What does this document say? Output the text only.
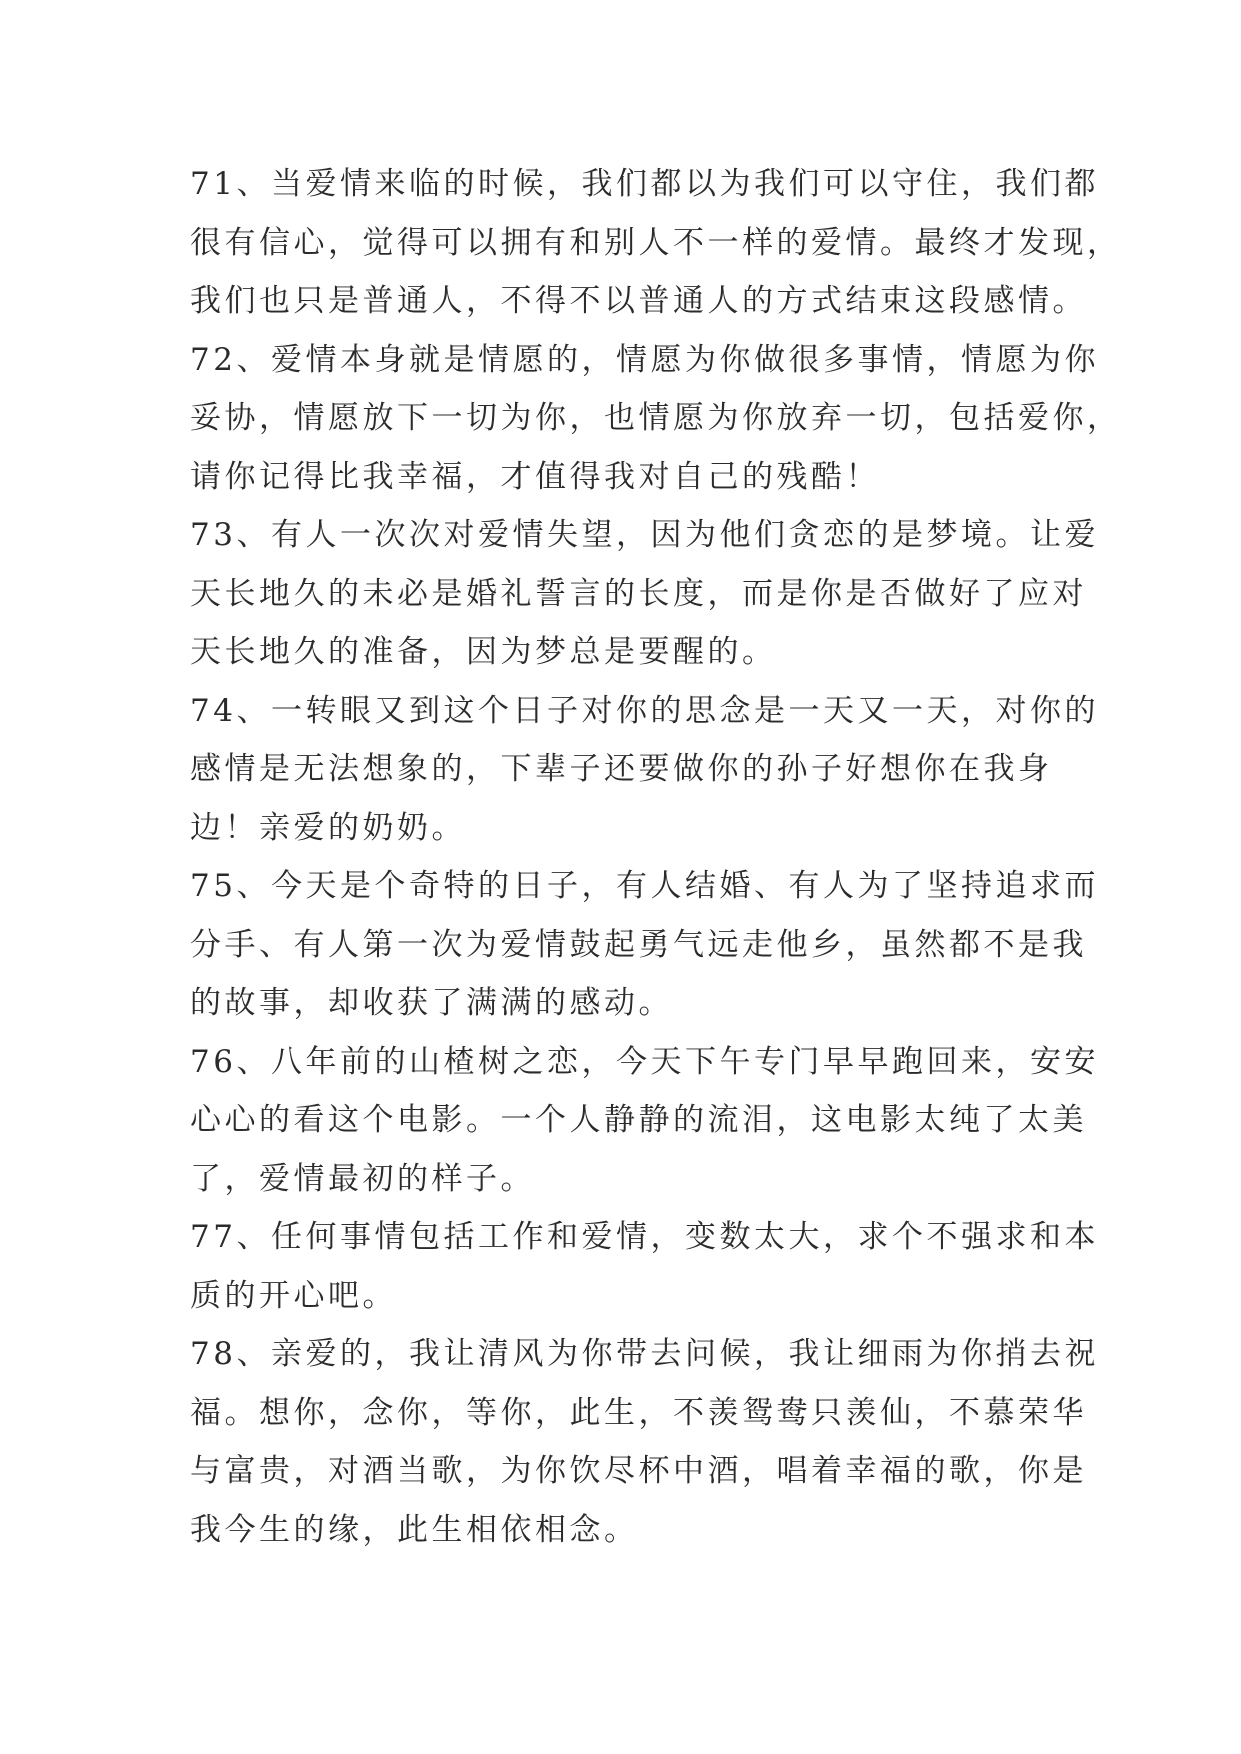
71、当爱情来临的时候，我们都以为我们可以守住，我们都
很有信心，觉得可以拥有和别人不一样的爱情。最终才发现，
我们也只是普通人，不得不以普通人的方式结束这段感情。
72、爱情本身就是情愿的，情愿为你做很多事情，情愿为你
妥协，情愿放下一切为你，也情愿为你放弃一切，包括爱你，
请你记得比我幸福，才值得我对自己的残酷！
73、有人一次次对爱情失望，因为他们贪恋的是梦境。让爱
天长地久的未必是婚礼誓言的长度，而是你是否做好了应对
天长地久的准备，因为梦总是要醒的。
74、一转眼又到这个日子对你的思念是一天又一天，对你的
感情是无法想象的，下辈子还要做你的孙子好想你在我身
边！亲爱的奶奶。
75、今天是个奇特的日子，有人结婚、有人为了坚持追求而
分手、有人第一次为爱情鼓起勇气远走他乡，虽然都不是我
的故事，却收获了满满的感动。
76、八年前的山楂树之恋，今天下午专门早早跑回来，安安
心心的看这个电影。一个人静静的流泪，这电影太纯了太美
了，爱情最初的样子。
77、任何事情包括工作和爱情，变数太大，求个不强求和本
质的开心吧。
78、亲爱的，我让清风为你带去问候，我让细雨为你捎去祝
福。想你，念你，等你，此生，不羡鸳鸯只羡仙，不慕荣华
与富贵，对酒当歌，为你饮尽杯中酒，唱着幸福的歌，你是
我今生的缘，此生相依相念。
